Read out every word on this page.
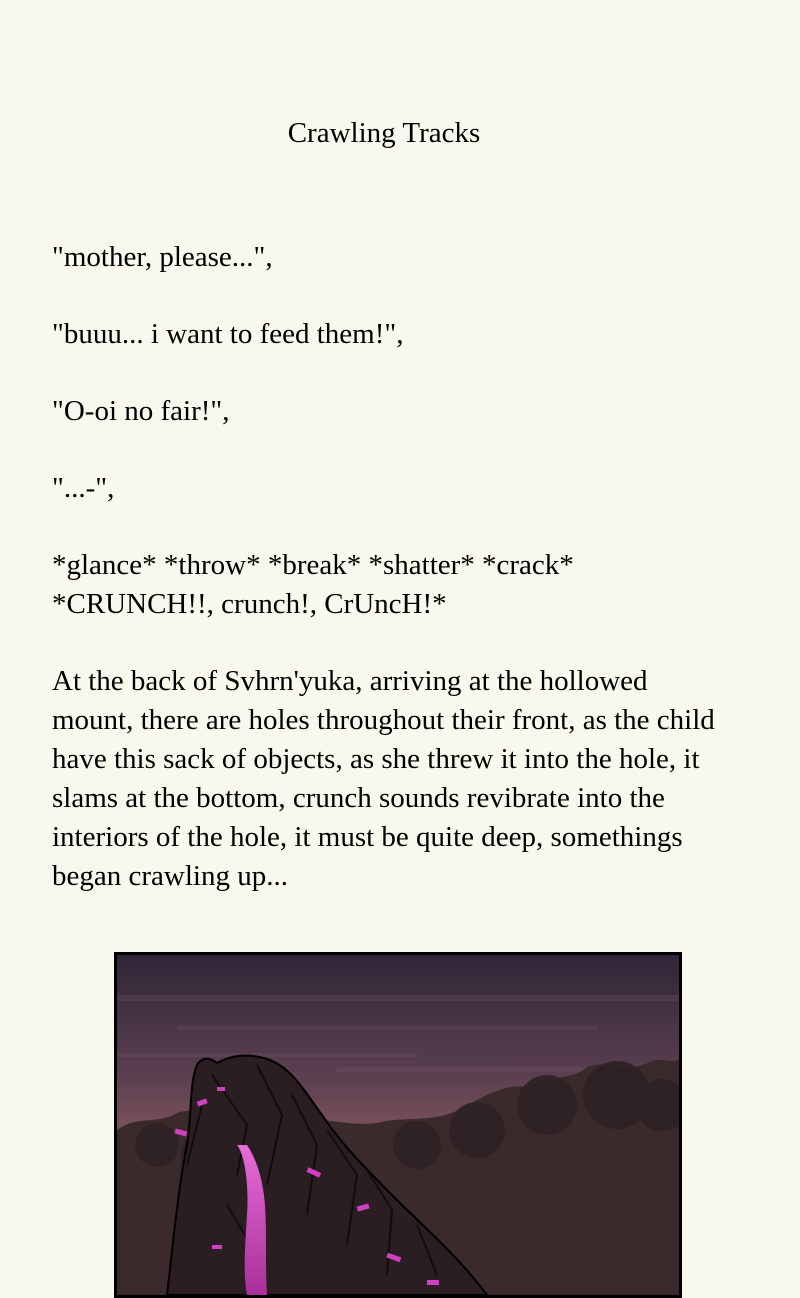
Crawling Tracks

"mother, please...",

"buuu... i want to feed them!",

"O-oi no fair!",

"...-",

*glance* *throw* *break* *shatter* *crack* *CRUNCH!!, crunch!, CrUncH!*

At the back of Svhrn'yuka, arriving at the hollowed mount, there are holes throughout their front, as the child have this sack of objects, as she threw it into the hole, it slams at the bottom, crunch sounds revibrate into the interiors of the hole, it must be quite deep, somethings began crawling up...
